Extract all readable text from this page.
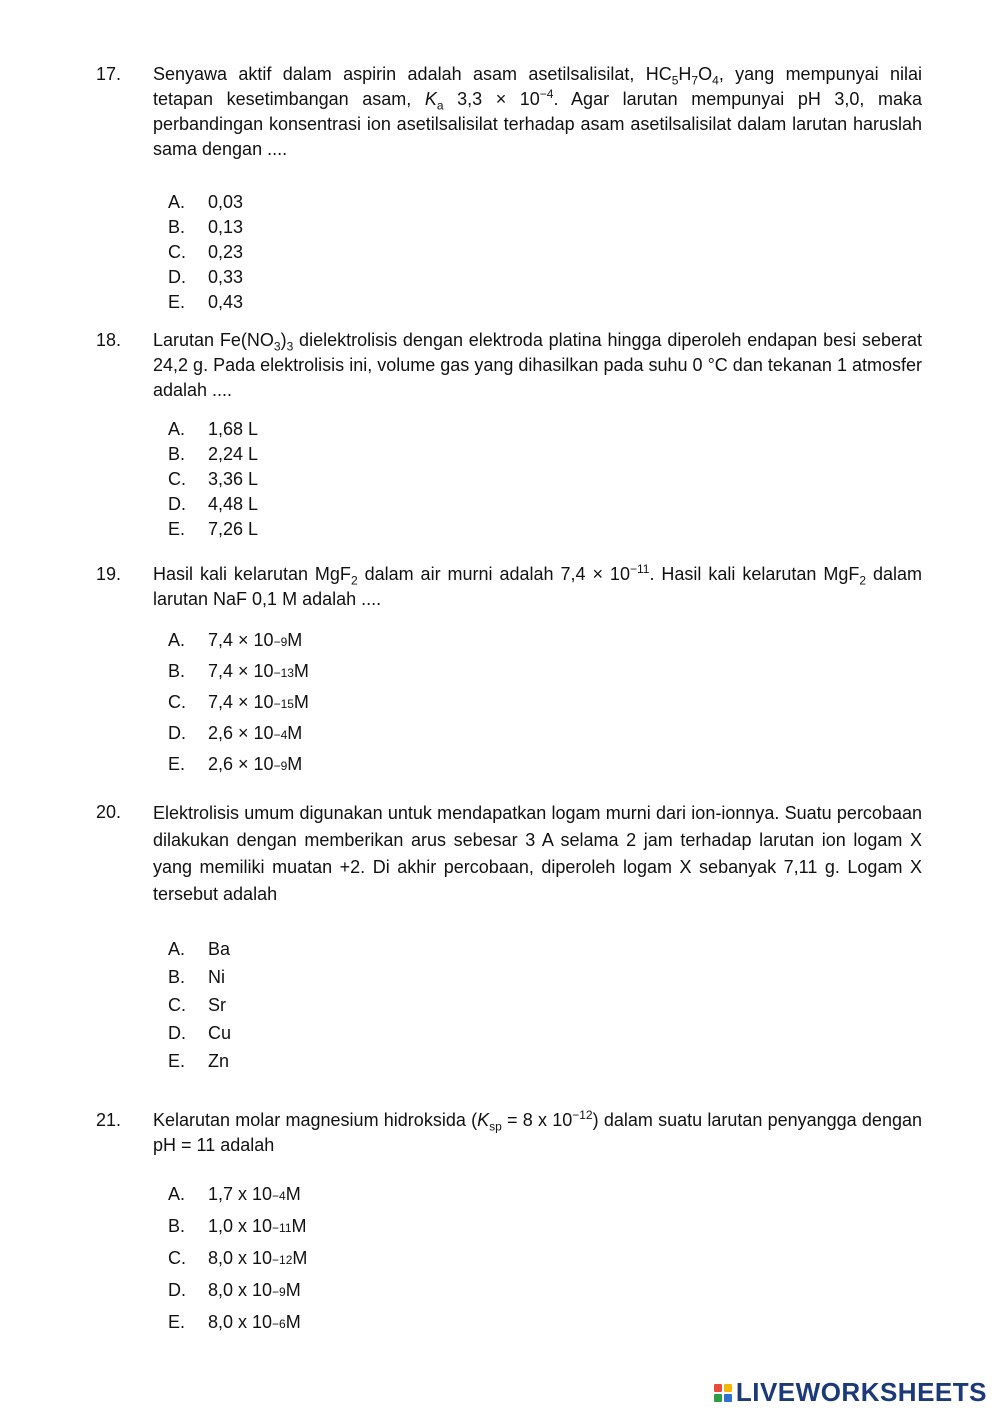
17.	Senyawa aktif dalam aspirin adalah asam asetilsalisilat, $HC_5H_7O_4$, yang mempunyai nilai tetapan kesetimbangan asam, $K_a$ $3,3 \times 10^{-4}$. Agar larutan mempunyai pH 3,0, maka perbandingan konsentrasi ion asetilsalisilat terhadap asam asetilsalisilat dalam larutan haruslah sama dengan ....
A.	0,03
B.	0,13
C.	0,23
D.	0,33
E.	0,43
18.	Larutan $Fe(NO_3)_3$ dielektrolisis dengan elektroda platina hingga diperoleh endapan besi seberat 24,2 g. Pada elektrolisis ini, volume gas yang dihasilkan pada suhu 0 °C dan tekanan 1 atmosfer adalah ....
A.	1,68 L
B.	2,24 L
C.	3,36 L
D.	4,48 L
E.	7,26 L
19.	Hasil kali kelarutan MgF$_2$ dalam air murni adalah $7,4 \times 10^{-11}$. Hasil kali kelarutan MgF$_2$ dalam larutan NaF 0,1 M adalah ....
A.	7,4 × 10 −9 M
B.	7,4 × 10 −13 M
C.	7,4 × 10 −15 M
D.	2,6 × 10 −4 M
E.	2,6 × 10 −9 M
20.	Elektrolisis umum digunakan untuk mendapatkan logam murni dari ion-ionnya. Suatu percobaan dilakukan dengan memberikan arus sebesar 3 A selama 2 jam terhadap larutan ion logam X yang memiliki muatan +2. Di akhir percobaan, diperoleh logam X sebanyak 7,11 g. Logam X tersebut adalah
A.	Ba
B.	Ni
C.	Sr
D.	Cu
E.	Zn
21.	Kelarutan molar magnesium hidroksida ($K_{sp} = 8$ x $10^{-12}$) dalam suatu larutan penyangga dengan pH = 11 adalah
A.	1,7 x 10 −4 M
B.	1,0 x 10 −11 M
C.	8,0 x 10 −12 M
D.	8,0 x 10 −9 M
E.	8,0 x 10 −6 M
LIVEWORKSHEETS
